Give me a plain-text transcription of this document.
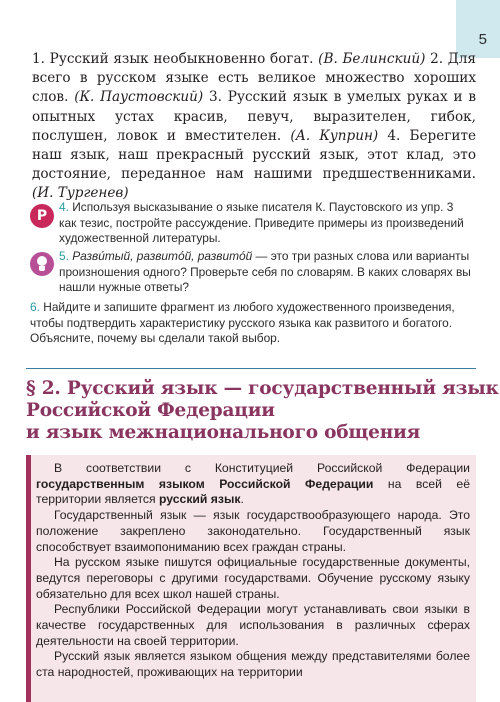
5
1. Русский язык необыкновенно богат. (В. Белинский) 2. Для всего в русском языке есть великое множество хороших слов. (К. Паустовский) 3. Русский язык в умелых руках и в опытных устах красив, певуч, выразителен, гибок, послушен, ловок и вместителен. (А. Куприн) 4. Берегите наш язык, наш прекрасный русский язык, этот клад, это достояние, переданное нам нашими предшественниками. (И. Тургенев)
Р
4. Используя высказывание о языке писателя К. Паустовского из упр. 3 как тезис, постройте рассуждение. Приведите примеры из произведений художественной литературы.
5. Развúтый, развитóй, развитóй — это три разных слова или варианты произношения одного? Проверьте себя по словарям. В каких словарях вы нашли нужные ответы?
6. Найдите и запишите фрагмент из любого художественного произведения, чтобы подтвердить характеристику русского языка как развитого и богатого. Объясните, почему вы сделали такой выбор.
§ 2. Русский язык — государственный язык
Российской Федерации
и язык межнационального общения

В соответствии с Конституцией Российской Федерации государственным языком Российской Федерации на всей её территории является русский язык.

Государственный язык — язык государствообразующего народа. Это положение закреплено законодательно. Государственный язык способствует взаимопониманию всех граждан страны.

На русском языке пишутся официальные государственные документы, ведутся переговоры с другими государствами. Обучение русскому языку обязательно для всех школ нашей страны.

Республики Российской Федерации могут устанавливать свои языки в качестве государственных для использования в различных сферах деятельности на своей территории.

Русский язык является языком общения между представителями более ста народностей, проживающих на территории
